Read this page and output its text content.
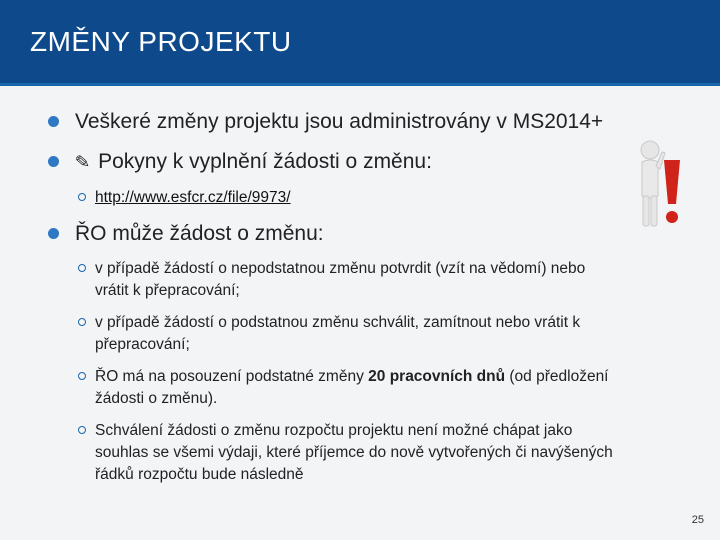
ZMĚNY PROJEKTU
Veškeré změny projektu jsou administrovány v MS2014+
✎ Pokyny k vyplnění žádosti o změnu:
http://www.esfcr.cz/file/9973/
ŘO může žádost o změnu:
v případě žádostí o nepodstatnou změnu potvrdit (vzít na vědomí) nebo
vrátit k přepracování;
v případě žádostí o podstatnou změnu schválit, zamítnout nebo vrátit k
přepracování;
ŘO má na posouzení podstatné změny 20 pracovních dnů (od předložení
žádosti o změnu).
Schválení žádosti o změnu rozpočtu projektu není možné chápat jako
souhlas se všemi výdaji, které příjemce do nově vytvořených či navýšených
řádků rozpočtu bude následně
25
